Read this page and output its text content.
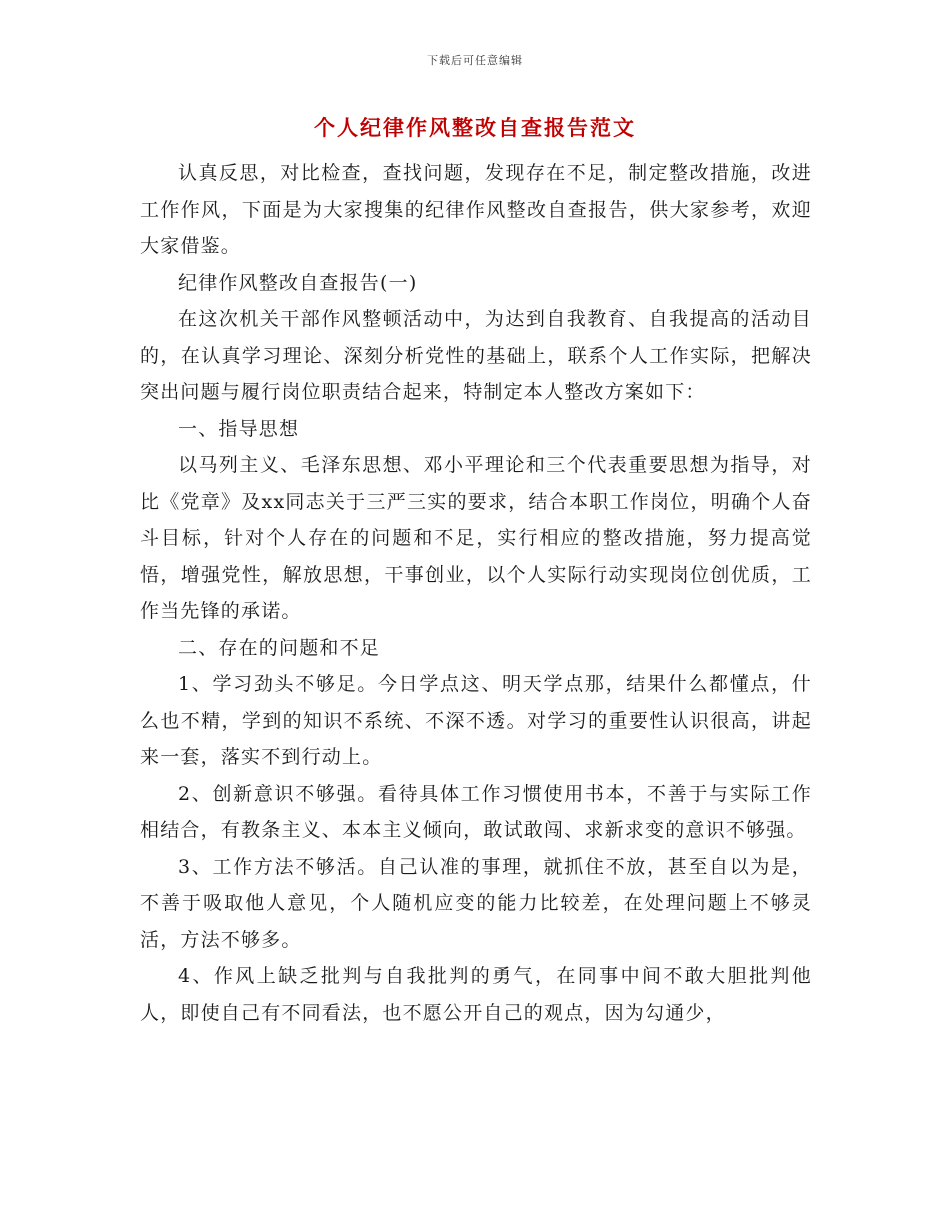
下载后可任意编辑
个人纪律作风整改自查报告范文

认真反思，对比检查，查找问题，发现存在不足，制定整改措施，改进工作作风，下面是为大家搜集的纪律作风整改自查报告，供大家参考，欢迎大家借鉴。

纪律作风整改自查报告(一)

在这次机关干部作风整顿活动中，为达到自我教育、自我提高的活动目的，在认真学习理论、深刻分析党性的基础上，联系个人工作实际，把解决突出问题与履行岗位职责结合起来，特制定本人整改方案如下：

一、指导思想

以马列主义、毛泽东思想、邓小平理论和三个代表重要思想为指导，对比《党章》及xx同志关于三严三实的要求，结合本职工作岗位，明确个人奋斗目标，针对个人存在的问题和不足，实行相应的整改措施，努力提高觉悟，增强党性，解放思想，干事创业，以个人实际行动实现岗位创优质，工作当先锋的承诺。

二、存在的问题和不足

1、学习劲头不够足。今日学点这、明天学点那，结果什么都懂点，什么也不精，学到的知识不系统、不深不透。对学习的重要性认识很高，讲起来一套，落实不到行动上。

2、创新意识不够强。看待具体工作习惯使用书本，不善于与实际工作相结合，有教条主义、本本主义倾向，敢试敢闯、求新求变的意识不够强。

3、工作方法不够活。自己认准的事理，就抓住不放，甚至自以为是，不善于吸取他人意见，个人随机应变的能力比较差，在处理问题上不够灵活，方法不够多。

4、作风上缺乏批判与自我批判的勇气，在同事中间不敢大胆批判他人，即使自己有不同看法，也不愿公开自己的观点，因为勾通少，
